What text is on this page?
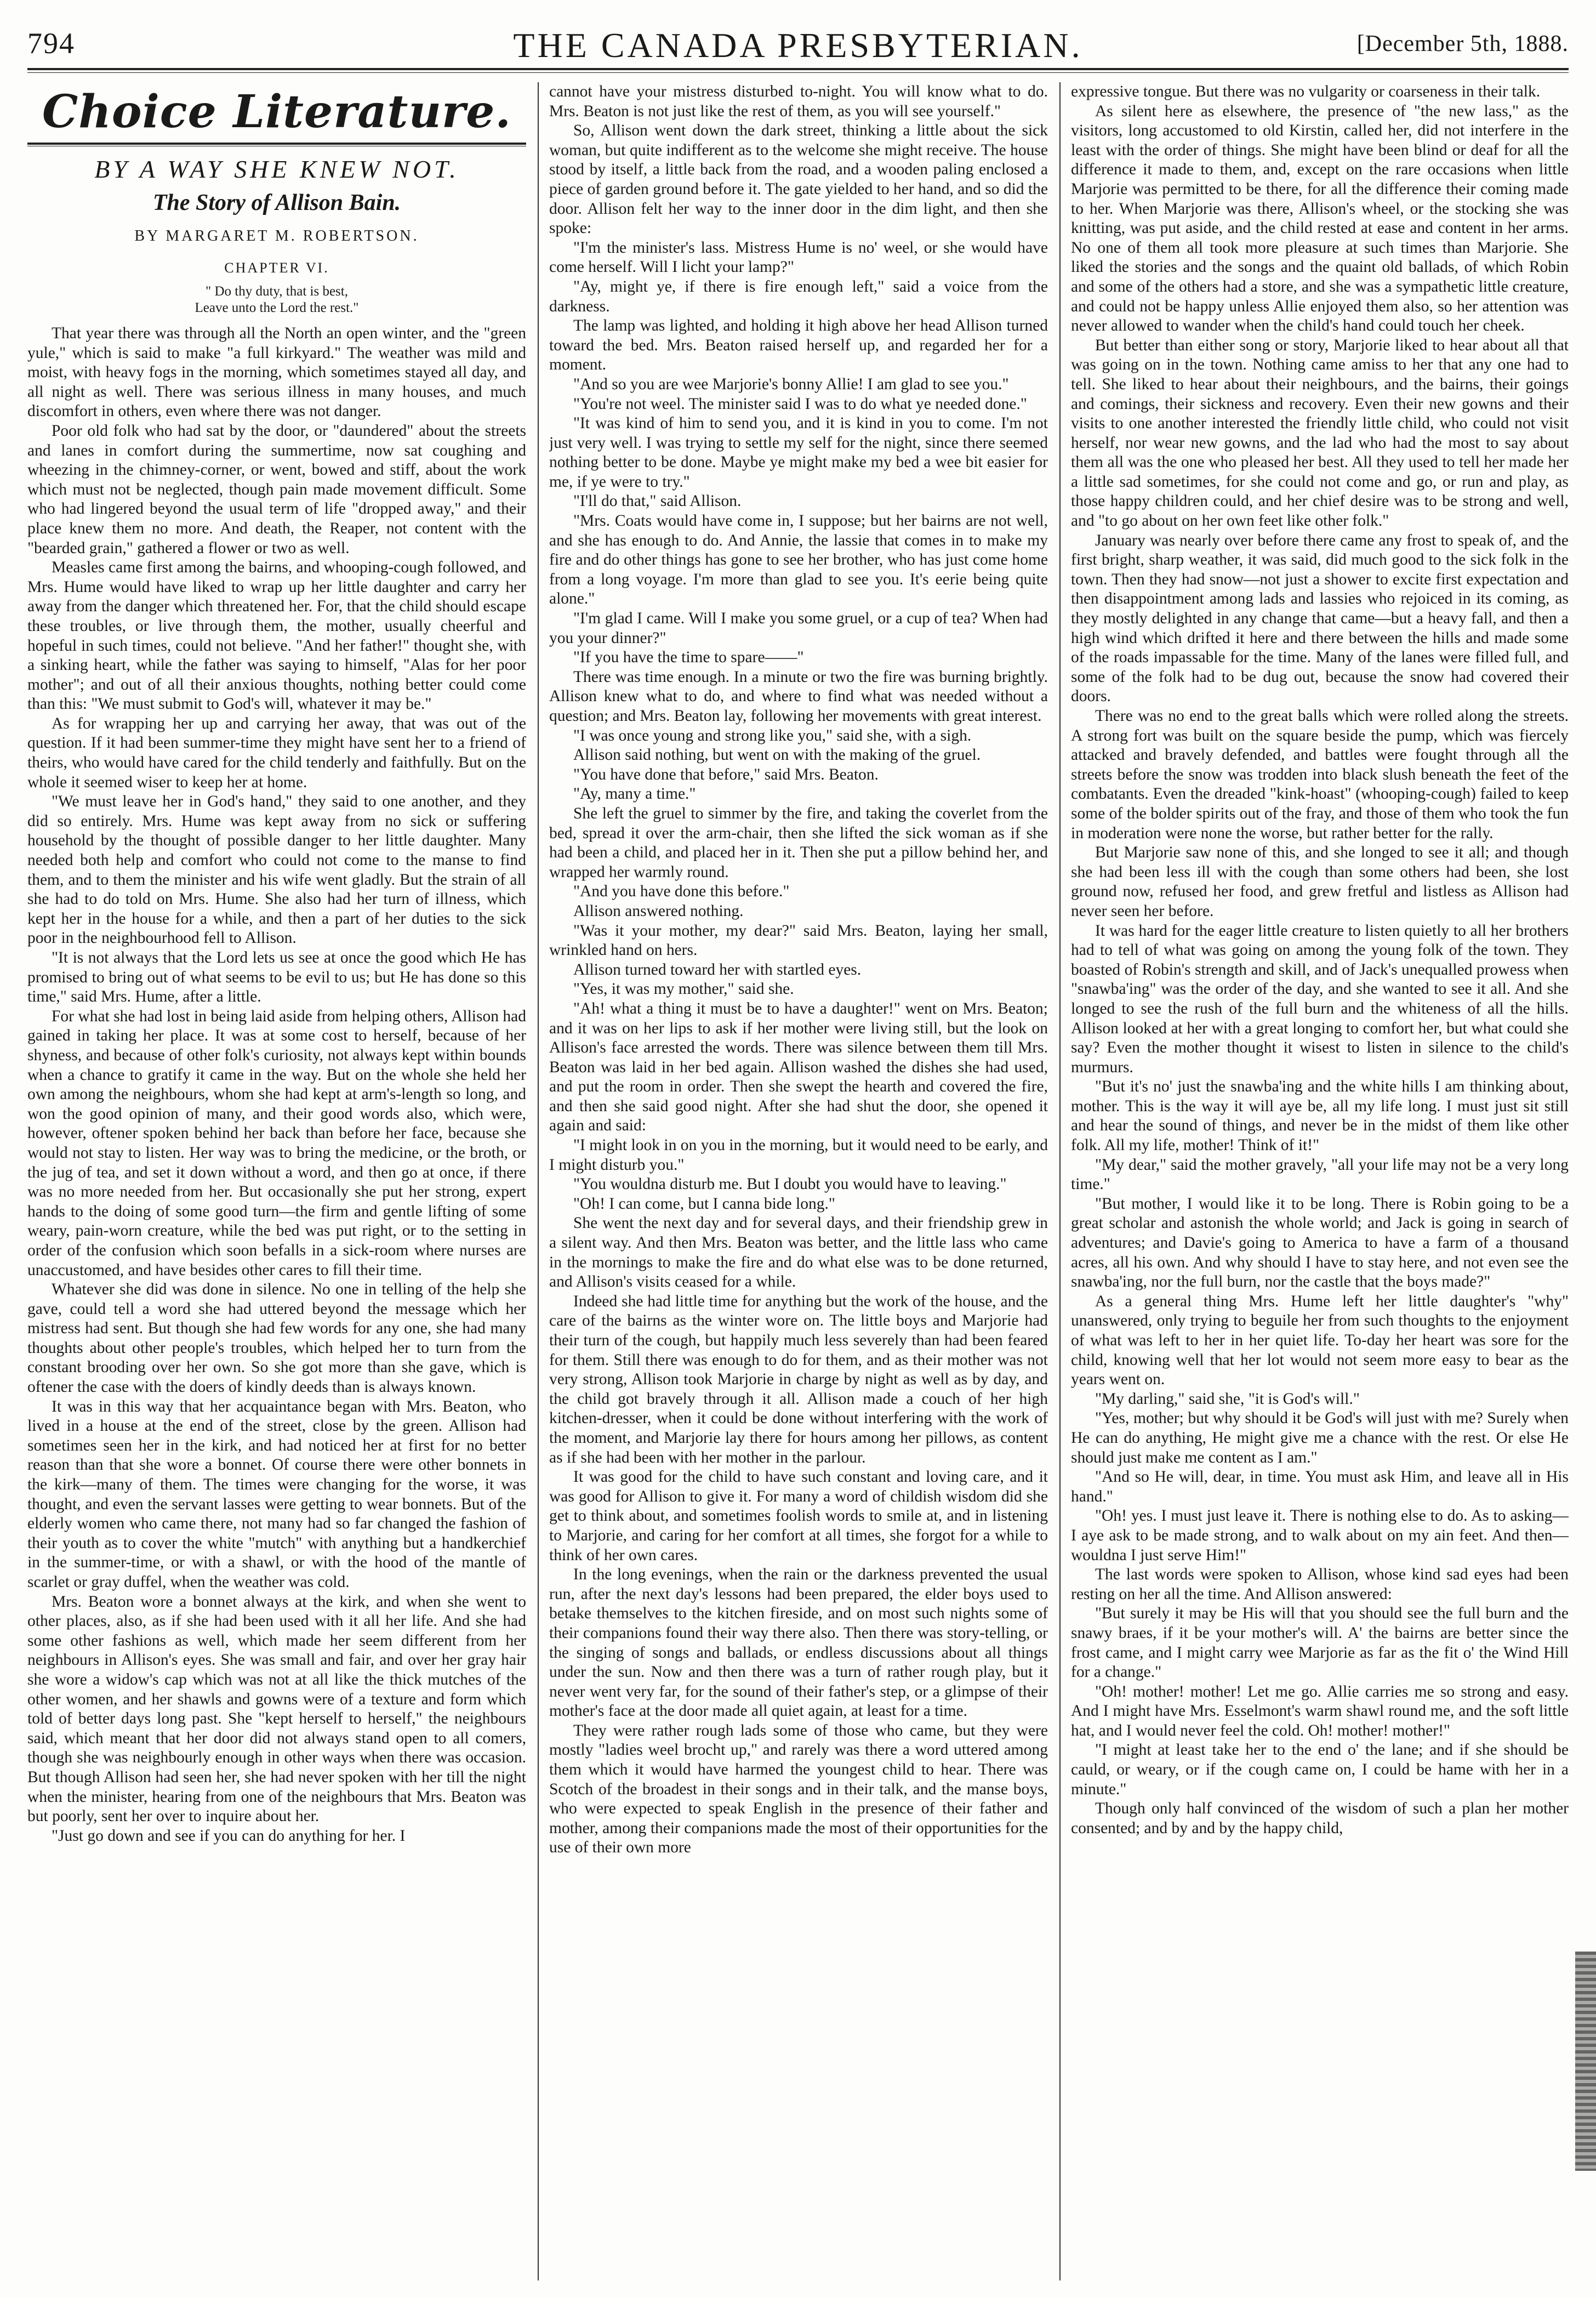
794	THE CANADA PRESBYTERIAN.	[December 5th, 1888.
Choice Literature.
BY A WAY SHE KNEW NOT.
The Story of Allison Bain.
BY MARGARET M. ROBERTSON.
CHAPTER VI.
" Do thy duty, that is best,
Leave unto the Lord the rest."

That year there was through all the North an open winter, and the "green yule," which is said to make "a full kirkyard." The weather was mild and moist, with heavy fogs in the morning, which sometimes stayed all day, and all night as well. There was serious illness in many houses, and much discomfort in others, even where there was not danger.

Poor old folk who had sat by the door, or "daundered" about the streets and lanes in comfort during the summertime, now sat coughing and wheezing in the chimney-corner, or went, bowed and stiff, about the work which must not be neglected, though pain made movement difficult. Some who had lingered beyond the usual term of life "dropped away," and their place knew them no more. And death, the Reaper, not content with the "bearded grain," gathered a flower or two as well.

Measles came first among the bairns, and whooping-cough followed, and Mrs. Hume would have liked to wrap up her little daughter and carry her away from the danger which threatened her. For, that the child should escape these troubles, or live through them, the mother, usually cheerful and hopeful in such times, could not believe. "And her father!" thought she, with a sinking heart, while the father was saying to himself, "Alas for her poor mother"; and out of all their anxious thoughts, nothing better could come than this: "We must submit to God's will, whatever it may be."

As for wrapping her up and carrying her away, that was out of the question. If it had been summer-time they might have sent her to a friend of theirs, who would have cared for the child tenderly and faithfully. But on the whole it seemed wiser to keep her at home.

"We must leave her in God's hand," they said to one another, and they did so entirely. Mrs. Hume was kept away from no sick or suffering household by the thought of possible danger to her little daughter. Many needed both help and comfort who could not come to the manse to find them, and to them the minister and his wife went gladly. But the strain of all she had to do told on Mrs. Hume. She also had her turn of illness, which kept her in the house for a while, and then a part of her duties to the sick poor in the neighbourhood fell to Allison.

"It is not always that the Lord lets us see at once the good which He has promised to bring out of what seems to be evil to us; but He has done so this time," said Mrs. Hume, after a little.

For what she had lost in being laid aside from helping others, Allison had gained in taking her place. It was at some cost to herself, because of her shyness, and because of other folk's curiosity, not always kept within bounds when a chance to gratify it came in the way. But on the whole she held her own among the neighbours, whom she had kept at arm's-length so long, and won the good opinion of many, and their good words also, which were, however, oftener spoken behind her back than before her face, because she would not stay to listen. Her way was to bring the medicine, or the broth, or the jug of tea, and set it down without a word, and then go at once, if there was no more needed from her. But occasionally she put her strong, expert hands to the doing of some good turn—the firm and gentle lifting of some weary, pain-worn creature, while the bed was put right, or to the setting in order of the confusion which soon befalls in a sick-room where nurses are unaccustomed, and have besides other cares to fill their time.

Whatever she did was done in silence. No one in telling of the help she gave, could tell a word she had uttered beyond the message which her mistress had sent. But though she had few words for any one, she had many thoughts about other people's troubles, which helped her to turn from the constant brooding over her own. So she got more than she gave, which is oftener the case with the doers of kindly deeds than is always known.

It was in this way that her acquaintance began with Mrs. Beaton, who lived in a house at the end of the street, close by the green. Allison had sometimes seen her in the kirk, and had noticed her at first for no better reason than that she wore a bonnet. Of course there were other bonnets in the kirk—many of them. The times were changing for the worse, it was thought, and even the servant lasses were getting to wear bonnets. But of the elderly women who came there, not many had so far changed the fashion of their youth as to cover the white "mutch" with anything but a handkerchief in the summer-time, or with a shawl, or with the hood of the mantle of scarlet or gray duffel, when the weather was cold.

Mrs. Beaton wore a bonnet always at the kirk, and when she went to other places, also, as if she had been used with it all her life. And she had some other fashions as well, which made her seem different from her neighbours in Allison's eyes. She was small and fair, and over her gray hair she wore a widow's cap which was not at all like the thick mutches of the other women, and her shawls and gowns were of a texture and form which told of better days long past. She "kept herself to herself," the neighbours said, which meant that her door did not always stand open to all comers, though she was neighbourly enough in other ways when there was occasion. But though Allison had seen her, she had never spoken with her till the night when the minister, hearing from one of the neighbours that Mrs. Beaton was but poorly, sent her over to inquire about her.

"Just go down and see if you can do anything for her. I

cannot have your mistress disturbed to-night. You will know what to do. Mrs. Beaton is not just like the rest of them, as you will see yourself."

So, Allison went down the dark street, thinking a little about the sick woman, but quite indifferent as to the welcome she might receive. The house stood by itself, a little back from the road, and a wooden paling enclosed a piece of garden ground before it. The gate yielded to her hand, and so did the door. Allison felt her way to the inner door in the dim light, and then she spoke:

"I'm the minister's lass. Mistress Hume is no' weel, or she would have come herself. Will I licht your lamp?"

"Ay, might ye, if there is fire enough left," said a voice from the darkness.

The lamp was lighted, and holding it high above her head Allison turned toward the bed. Mrs. Beaton raised herself up, and regarded her for a moment.

"And so you are wee Marjorie's bonny Allie! I am glad to see you."

"You're not weel. The minister said I was to do what ye needed done."

"It was kind of him to send you, and it is kind in you to come. I'm not just very well. I was trying to settle my self for the night, since there seemed nothing better to be done. Maybe ye might make my bed a wee bit easier for me, if ye were to try."

"I'll do that," said Allison.

"Mrs. Coats would have come in, I suppose; but her bairns are not well, and she has enough to do. And Annie, the lassie that comes in to make my fire and do other things has gone to see her brother, who has just come home from a long voyage. I'm more than glad to see you. It's eerie being quite alone."

"I'm glad I came. Will I make you some gruel, or a cup of tea? When had you your dinner?"

"If you have the time to spare——"

There was time enough. In a minute or two the fire was burning brightly. Allison knew what to do, and where to find what was needed without a question; and Mrs. Beaton lay, following her movements with great interest.

"I was once young and strong like you," said she, with a sigh.

Allison said nothing, but went on with the making of the gruel.

"You have done that before," said Mrs. Beaton.

"Ay, many a time."

She left the gruel to simmer by the fire, and taking the coverlet from the bed, spread it over the arm-chair, then she lifted the sick woman as if she had been a child, and placed her in it. Then she put a pillow behind her, and wrapped her warmly round.

"And you have done this before."

Allison answered nothing.

"Was it your mother, my dear?" said Mrs. Beaton, laying her small, wrinkled hand on hers.

Allison turned toward her with startled eyes.

"Yes, it was my mother," said she.

"Ah! what a thing it must be to have a daughter!" went on Mrs. Beaton; and it was on her lips to ask if her mother were living still, but the look on Allison's face arrested the words. There was silence between them till Mrs. Beaton was laid in her bed again. Allison washed the dishes she had used, and put the room in order. Then she swept the hearth and covered the fire, and then she said good night. After she had shut the door, she opened it again and said:

"I might look in on you in the morning, but it would need to be early, and I might disturb you."

"You wouldna disturb me. But I doubt you would have to leaving."

"Oh! I can come, but I canna bide long."

She went the next day and for several days, and their friendship grew in a silent way. And then Mrs. Beaton was better, and the little lass who came in the mornings to make the fire and do what else was to be done returned, and Allison's visits ceased for a while.

Indeed she had little time for anything but the work of the house, and the care of the bairns as the winter wore on. The little boys and Marjorie had their turn of the cough, but happily much less severely than had been feared for them. Still there was enough to do for them, and as their mother was not very strong, Allison took Marjorie in charge by night as well as by day, and the child got bravely through it all. Allison made a couch of her high kitchen-dresser, when it could be done without interfering with the work of the moment, and Marjorie lay there for hours among her pillows, as content as if she had been with her mother in the parlour.

It was good for the child to have such constant and loving care, and it was good for Allison to give it. For many a word of childish wisdom did she get to think about, and sometimes foolish words to smile at, and in listening to Marjorie, and caring for her comfort at all times, she forgot for a while to think of her own cares.

In the long evenings, when the rain or the darkness prevented the usual run, after the next day's lessons had been prepared, the elder boys used to betake themselves to the kitchen fireside, and on most such nights some of their companions found their way there also. Then there was story-telling, or the singing of songs and ballads, or endless discussions about all things under the sun. Now and then there was a turn of rather rough play, but it never went very far, for the sound of their father's step, or a glimpse of their mother's face at the door made all quiet again, at least for a time.

They were rather rough lads some of those who came, but they were mostly "ladies weel brocht up," and rarely was there a word uttered among them which it would have harmed the youngest child to hear. There was Scotch of the broadest in their songs and in their talk, and the manse boys, who were expected to speak English in the presence of their father and mother, among their companions made the most of their opportunities for the use of their own more

expressive tongue. But there was no vulgarity or coarseness in their talk.

As silent here as elsewhere, the presence of "the new lass," as the visitors, long accustomed to old Kirstin, called her, did not interfere in the least with the order of things. She might have been blind or deaf for all the difference it made to them, and, except on the rare occasions when little Marjorie was permitted to be there, for all the difference their coming made to her. When Marjorie was there, Allison's wheel, or the stocking she was knitting, was put aside, and the child rested at ease and content in her arms. No one of them all took more pleasure at such times than Marjorie. She liked the stories and the songs and the quaint old ballads, of which Robin and some of the others had a store, and she was a sympathetic little creature, and could not be happy unless Allie enjoyed them also, so her attention was never allowed to wander when the child's hand could touch her cheek.

But better than either song or story, Marjorie liked to hear about all that was going on in the town. Nothing came amiss to her that any one had to tell. She liked to hear about their neighbours, and the bairns, their goings and comings, their sickness and recovery. Even their new gowns and their visits to one another interested the friendly little child, who could not visit herself, nor wear new gowns, and the lad who had the most to say about them all was the one who pleased her best. All they used to tell her made her a little sad sometimes, for she could not come and go, or run and play, as those happy children could, and her chief desire was to be strong and well, and "to go about on her own feet like other folk."

January was nearly over before there came any frost to speak of, and the first bright, sharp weather, it was said, did much good to the sick folk in the town. Then they had snow—not just a shower to excite first expectation and then disappointment among lads and lassies who rejoiced in its coming, as they mostly delighted in any change that came—but a heavy fall, and then a high wind which drifted it here and there between the hills and made some of the roads impassable for the time. Many of the lanes were filled full, and some of the folk had to be dug out, because the snow had covered their doors.

There was no end to the great balls which were rolled along the streets. A strong fort was built on the square beside the pump, which was fiercely attacked and bravely defended, and battles were fought through all the streets before the snow was trodden into black slush beneath the feet of the combatants. Even the dreaded "kink-hoast" (whooping-cough) failed to keep some of the bolder spirits out of the fray, and those of them who took the fun in moderation were none the worse, but rather better for the rally.

But Marjorie saw none of this, and she longed to see it all; and though she had been less ill with the cough than some others had been, she lost ground now, refused her food, and grew fretful and listless as Allison had never seen her before.

It was hard for the eager little creature to listen quietly to all her brothers had to tell of what was going on among the young folk of the town. They boasted of Robin's strength and skill, and of Jack's unequalled prowess when "snawba'ing" was the order of the day, and she wanted to see it all. And she longed to see the rush of the full burn and the whiteness of all the hills. Allison looked at her with a great longing to comfort her, but what could she say? Even the mother thought it wisest to listen in silence to the child's murmurs.

"But it's no' just the snawba'ing and the white hills I am thinking about, mother. This is the way it will aye be, all my life long. I must just sit still and hear the sound of things, and never be in the midst of them like other folk. All my life, mother! Think of it!"

"My dear," said the mother gravely, "all your life may not be a very long time."

"But mother, I would like it to be long. There is Robin going to be a great scholar and astonish the whole world; and Jack is going in search of adventures; and Davie's going to America to have a farm of a thousand acres, all his own. And why should I have to stay here, and not even see the snawba'ing, nor the full burn, nor the castle that the boys made?"

As a general thing Mrs. Hume left her little daughter's "why" unanswered, only trying to beguile her from such thoughts to the enjoyment of what was left to her in her quiet life. To-day her heart was sore for the child, knowing well that her lot would not seem more easy to bear as the years went on.

"My darling," said she, "it is God's will."

"Yes, mother; but why should it be God's will just with me? Surely when He can do anything, He might give me a chance with the rest. Or else He should just make me content as I am."

"And so He will, dear, in time. You must ask Him, and leave all in His hand."

"Oh! yes. I must just leave it. There is nothing else to do. As to asking—I aye ask to be made strong, and to walk about on my ain feet. And then—wouldna I just serve Him!"

The last words were spoken to Allison, whose kind sad eyes had been resting on her all the time. And Allison answered:

"But surely it may be His will that you should see the full burn and the snawy braes, if it be your mother's will. A' the bairns are better since the frost came, and I might carry wee Marjorie as far as the fit o' the Wind Hill for a change."

"Oh! mother! mother! Let me go. Allie carries me so strong and easy. And I might have Mrs. Esselmont's warm shawl round me, and the soft little hat, and I would never feel the cold. Oh! mother! mother!"

"I might at least take her to the end o' the lane; and if she should be cauld, or weary, or if the cough came on, I could be hame with her in a minute."

Though only half convinced of the wisdom of such a plan her mother consented; and by and by the happy child,
